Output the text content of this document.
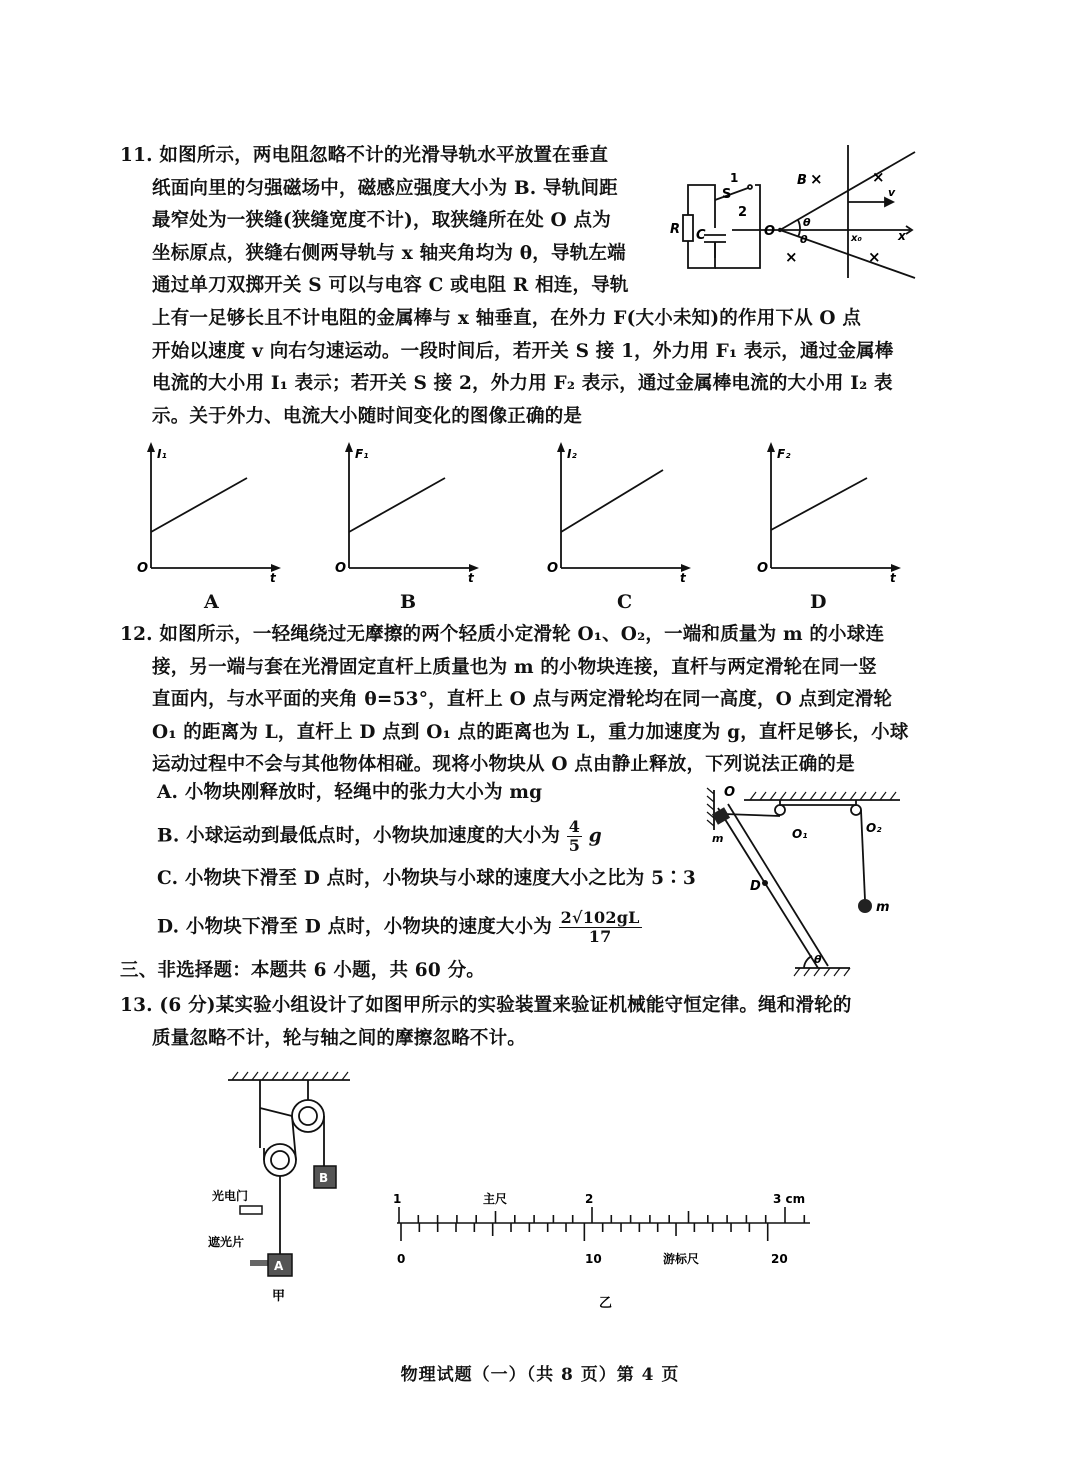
11. 如图所示，两电阻忽略不计的光滑导轨水平放置在垂直
纸面向里的匀强磁场中，磁感应强度大小为 B. 导轨间距
最窄处为一狭缝(狭缝宽度不计)，取狭缝所在处 O 点为
坐标原点，狭缝右侧两导轨与 x 轴夹角均为 θ，导轨左端
通过单刀双掷开关 S 可以与电容 C 或电阻 R 相连，导轨
上有一足够长且不计电阻的金属棒与 x 轴垂直，在外力 F(大小未知)的作用下从 O 点
开始以速度 v 向右匀速运动。一段时间后，若开关 S 接 1，外力用 F₁ 表示，通过金属棒
电流的大小用 I₁ 表示；若开关 S 接 2，外力用 F₂ 表示，通过金属棒电流的大小用 I₂ 表
示。关于外力、电流大小随时间变化的图像正确的是
1
S
2
R C	O
B ×	×
×	×
θ
θ	x₀	x
v
I₁
O
t
F₁
O
t
I₂
O
t
F₂
O
t
A	B	C	D
12. 如图所示，一轻绳绕过无摩擦的两个轻质小定滑轮 O₁、O₂，一端和质量为 m 的小球连
接，另一端与套在光滑固定直杆上质量也为 m 的小物块连接，直杆与两定滑轮在同一竖
直面内，与水平面的夹角 θ=53°，直杆上 O 点与两定滑轮均在同一高度，O 点到定滑轮
O₁ 的距离为 L，直杆上 D 点到 O₁ 点的距离也为 L，重力加速度为 g，直杆足够长，小球
运动过程中不会与其他物体相碰。现将小物块从 O 点由静止释放，下列说法正确的是
A. 小物块刚释放时，轻绳中的张力大小为 mg
B. 小球运动到最低点时，小物块加速度的大小为 $\frac{4}{5}$ g
C. 小物块下滑至 D 点时，小物块与小球的速度大小之比为 5∶3
D. 小物块下滑至 D 点时，小物块的速度大小为 $\frac{2√102gL}{17}$
O
O₁	O₂
D
m
m
θ
三、非选择题：本题共 6 小题，共 60 分。
13. (6 分)某实验小组设计了如图甲所示的实验装置来验证机械能守恒定律。绳和滑轮的
质量忽略不计，轮与轴之间的摩擦忽略不计。
B
光电门
遮光片
A
甲
1	2	3 cm
主尺
0	10	20
游标尺
乙
物理试题（一）（共 8 页）第 4 页
